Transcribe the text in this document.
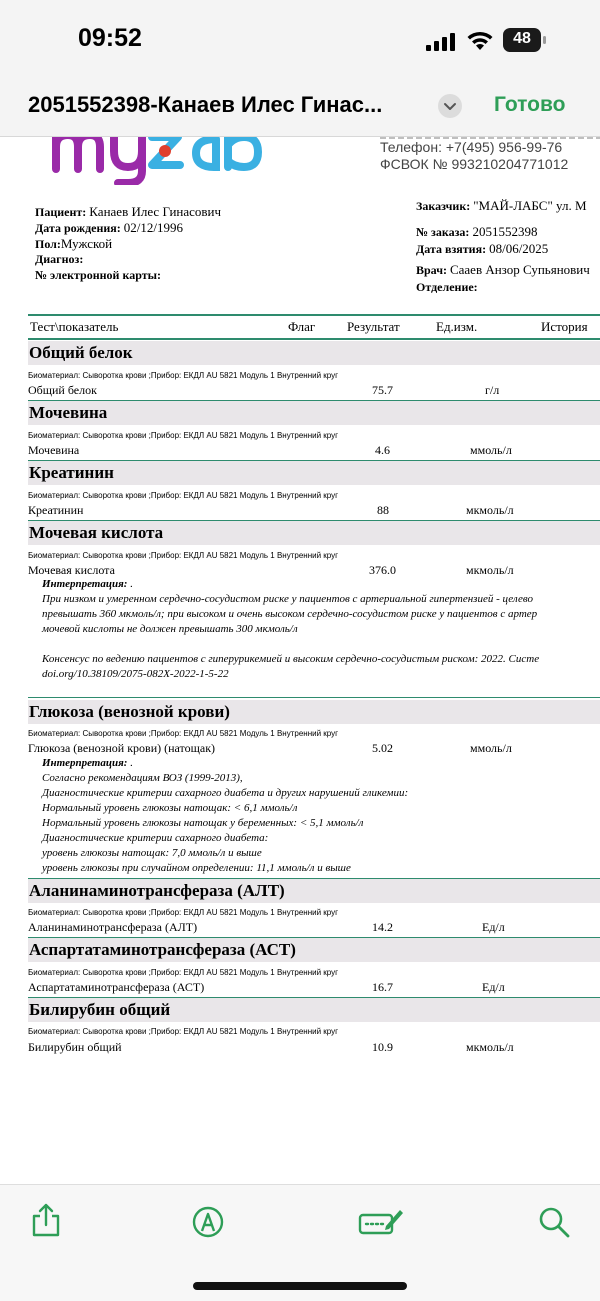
09:52	48
2051552398-Канаев Илес Гинас...	Готово
Телефон: +7(495) 956-99-76
ФСВОК № 993210204771012
Пациент: Канаев Илес Гинасович
Дата рождения: 02/12/1996
Пол:Мужской
Диагноз:
№ электронной карты:
Заказчик: "МАЙ-ЛАБС" ул. М
№ заказа: 2051552398
Дата взятия: 08/06/2025
Врач: Сааев Анзор Супьянович
Отделение:
Тест\показатель	Флаг Результат	Ед.изм.	История
Общий белок
Биоматериал: Сыворотка крови ;Прибор: ЕКДЛ AU 5821 Модуль 1 Внутренний круг
Общий белок	75.7	г/л
Мочевина
Биоматериал: Сыворотка крови ;Прибор: ЕКДЛ AU 5821 Модуль 1 Внутренний круг
Мочевина	4.6	ммоль/л
Креатинин
Биоматериал: Сыворотка крови ;Прибор: ЕКДЛ AU 5821 Модуль 1 Внутренний круг
Креатинин	88	мкмоль/л
Мочевая кислота
Биоматериал: Сыворотка крови ;Прибор: ЕКДЛ AU 5821 Модуль 1 Внутренний круг
Мочевая кислота	376.0	мкмоль/л
Интерпретация: .
При низком и умеренном сердечно-сосудистом риске у пациентов с артериальной гипертензией - целево
превышать 360 мкмоль/л; при высоком и очень высоком сердечно-сосудистом риске у пациентов с артер
мочевой кислоты не должен превышать 300 мкмоль/л
Консенсус по ведению пациентов с гиперурикемией и высоким сердечно-сосудистым риском: 2022. Систе
doi.org/10.38109/2075-082X-2022-1-5-22
Глюкоза (венозной крови)
Биоматериал: Сыворотка крови ;Прибор: ЕКДЛ AU 5821 Модуль 1 Внутренний круг
Глюкоза (венозной крови) (натощак)	5.02	ммоль/л
Интерпретация: .
Согласно рекомендациям ВОЗ (1999-2013),
Диагностические критерии сахарного диабета и других нарушений гликемии:
Нормальный уровень глюкозы натощак: < 6,1 ммоль/л
Нормальный уровень глюкозы натощак у беременных: < 5,1 ммоль/л
Диагностические критерии сахарного диабета:
уровень глюкозы натощак: 7,0 ммоль/л и выше
уровень глюкозы при случайном определении: 11,1 ммоль/л и выше
Аланинаминотрансфераза (АЛТ)
Биоматериал: Сыворотка крови ;Прибор: ЕКДЛ AU 5821 Модуль 1 Внутренний круг
Аланинаминотрансфераза (АЛТ)	14.2	Ед/л
Аспартатаминотрансфераза (АСТ)
Биоматериал: Сыворотка крови ;Прибор: ЕКДЛ AU 5821 Модуль 1 Внутренний круг
Аспартатаминотрансфераза (АСТ)	16.7	Ед/л
Билирубин общий
Биоматериал: Сыворотка крови ;Прибор: ЕКДЛ AU 5821 Модуль 1 Внутренний круг
Билирубин общий	10.9	мкмоль/л
